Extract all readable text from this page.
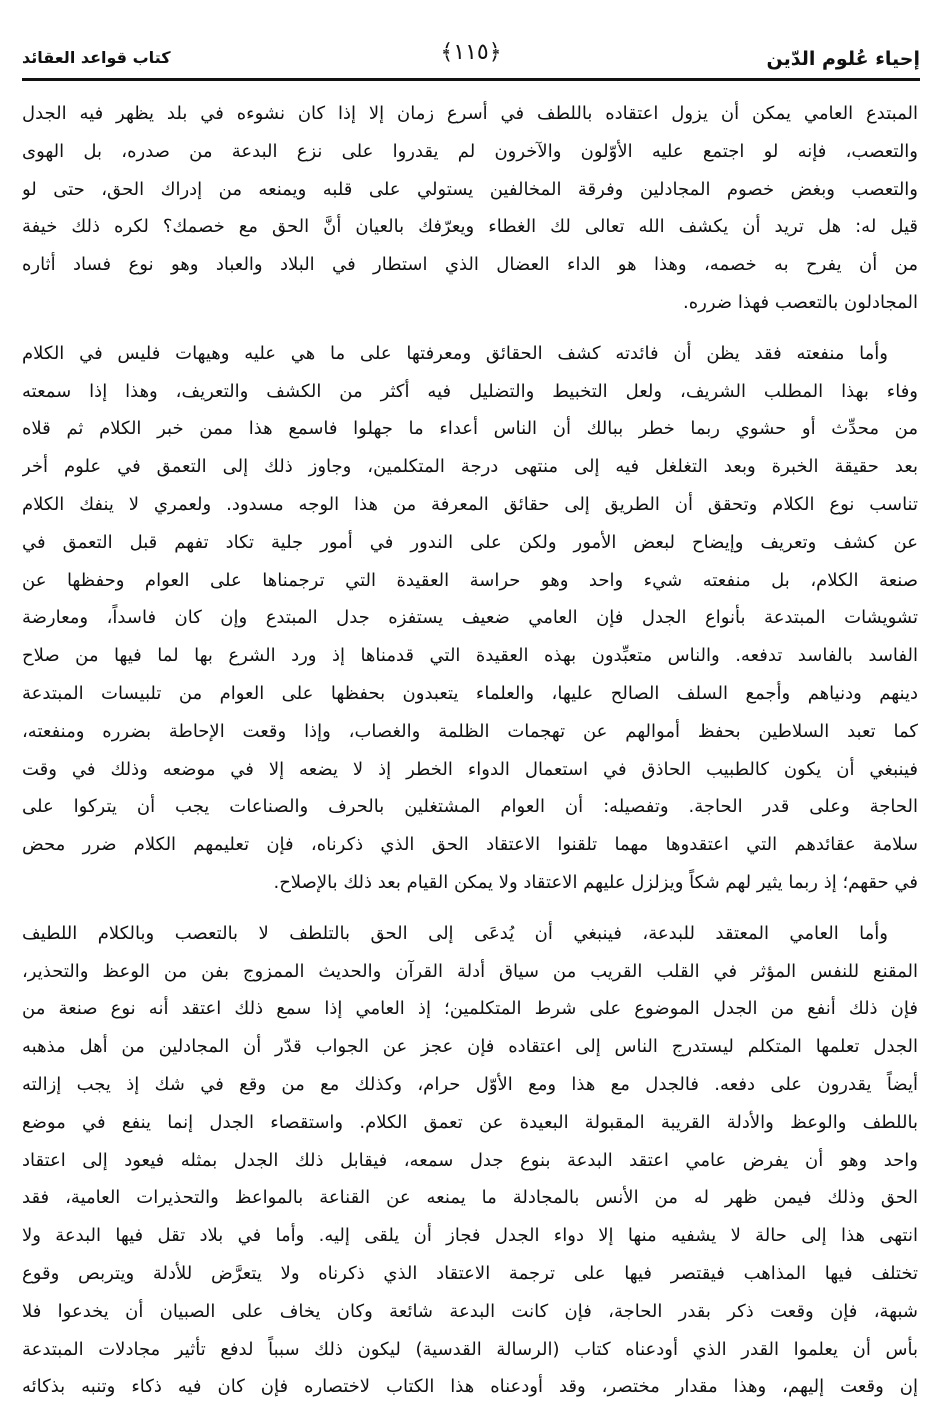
إحياء عُلوم الدّين
﴿١١٥﴾
كتاب قواعد العقائد
المبتدع العامي يمكن أن يزول اعتقاده باللطف في أسرع زمان إلا إذا كان نشوءه في بلد يظهر فيه الجدل
والتعصب، فإنه لو اجتمع عليه الأوّلون والآخرون لم يقدروا على نزع البدعة من صدره، بل الهوى
والتعصب وبغض خصوم المجادلين وفرقة المخالفين يستولي على قلبه ويمنعه من إدراك الحق، حتى لو
قيل له: هل تريد أن يكشف الله تعالى لك الغطاء ويعرّفك بالعيان أنَّ الحق مع خصمك؟ لكره ذلك خيفة
من أن يفرح به خصمه، وهذا هو الداء العضال الذي استطار في البلاد والعباد وهو نوع فساد أثاره
المجادلون بالتعصب فهذا ضرره.
وأما منفعته فقد يظن أن فائدته كشف الحقائق ومعرفتها على ما هي عليه وهيهات فليس في الكلام
وفاء بهذا المطلب الشريف، ولعل التخبيط والتضليل فيه أكثر من الكشف والتعريف، وهذا إذا سمعته
من محدِّث أو حشوي ربما خطر ببالك أن الناس أعداء ما جهلوا فاسمع هذا ممن خبر الكلام ثم قلاه
بعد حقيقة الخبرة وبعد التغلغل فيه إلى منتهى درجة المتكلمين، وجاوز ذلك إلى التعمق في علوم أخر
تناسب نوع الكلام وتحقق أن الطريق إلى حقائق المعرفة من هذا الوجه مسدود. ولعمري لا ينفك الكلام
عن كشف وتعريف وإيضاح لبعض الأمور ولكن على الندور في أمور جلية تكاد تفهم قبل التعمق في
صنعة الكلام، بل منفعته شيء واحد وهو حراسة العقيدة التي ترجمناها على العوام وحفظها عن
تشويشات المبتدعة بأنواع الجدل فإن العامي ضعيف يستفزه جدل المبتدع وإن كان فاسداً، ومعارضة
الفاسد بالفاسد تدفعه. والناس متعبِّدون بهذه العقيدة التي قدمناها إذ ورد الشرع بها لما فيها من صلاح
دينهم ودنياهم وأجمع السلف الصالح عليها، والعلماء يتعبدون بحفظها على العوام من تلبيسات المبتدعة
كما تعبد السلاطين بحفظ أموالهم عن تهجمات الظلمة والغصاب، وإذا وقعت الإحاطة بضرره ومنفعته،
فينبغي أن يكون كالطبيب الحاذق في استعمال الدواء الخطر إذ لا يضعه إلا في موضعه وذلك في وقت
الحاجة وعلى قدر الحاجة. وتفصيله: أن العوام المشتغلين بالحرف والصناعات يجب أن يتركوا على
سلامة عقائدهم التي اعتقدوها مهما تلقنوا الاعتقاد الحق الذي ذكرناه، فإن تعليمهم الكلام ضرر محض
في حقهم؛ إذ ربما يثير لهم شكاً ويزلزل عليهم الاعتقاد ولا يمكن القيام بعد ذلك بالإصلاح.
وأما العامي المعتقد للبدعة، فينبغي أن يُدعَى إلى الحق بالتلطف لا بالتعصب وبالكلام اللطيف
المقنع للنفس المؤثر في القلب القريب من سياق أدلة القرآن والحديث الممزوج بفن من الوعظ والتحذير،
فإن ذلك أنفع من الجدل الموضوع على شرط المتكلمين؛ إذ العامي إذا سمع ذلك اعتقد أنه نوع صنعة من
الجدل تعلمها المتكلم ليستدرج الناس إلى اعتقاده فإن عجز عن الجواب قدّر أن المجادلين من أهل مذهبه
أيضاً يقدرون على دفعه. فالجدل مع هذا ومع الأوّل حرام، وكذلك مع من وقع في شك إذ يجب إزالته
باللطف والوعظ والأدلة القريبة المقبولة البعيدة عن تعمق الكلام. واستقصاء الجدل إنما ينفع في موضع
واحد وهو أن يفرض عامي اعتقد البدعة بنوع جدل سمعه، فيقابل ذلك الجدل بمثله فيعود إلى اعتقاد
الحق وذلك فيمن ظهر له من الأنس بالمجادلة ما يمنعه عن القناعة بالمواعظ والتحذيرات العامية، فقد
انتهى هذا إلى حالة لا يشفيه منها إلا دواء الجدل فجاز أن يلقى إليه. وأما في بلاد تقل فيها البدعة ولا
تختلف فيها المذاهب فيقتصر فيها على ترجمة الاعتقاد الذي ذكرناه ولا يتعرَّض للأدلة ويتربص وقوع
شبهة، فإن وقعت ذكر بقدر الحاجة، فإن كانت البدعة شائعة وكان يخاف على الصبيان أن يخدعوا فلا
بأس أن يعلموا القدر الذي أودعناه كتاب (الرسالة القدسية) ليكون ذلك سبباً لدفع تأثير مجادلات المبتدعة
إن وقعت إليهم، وهذا مقدار مختصر، وقد أودعناه هذا الكتاب لاختصاره فإن كان فيه ذكاء وتنبه بذكائه
